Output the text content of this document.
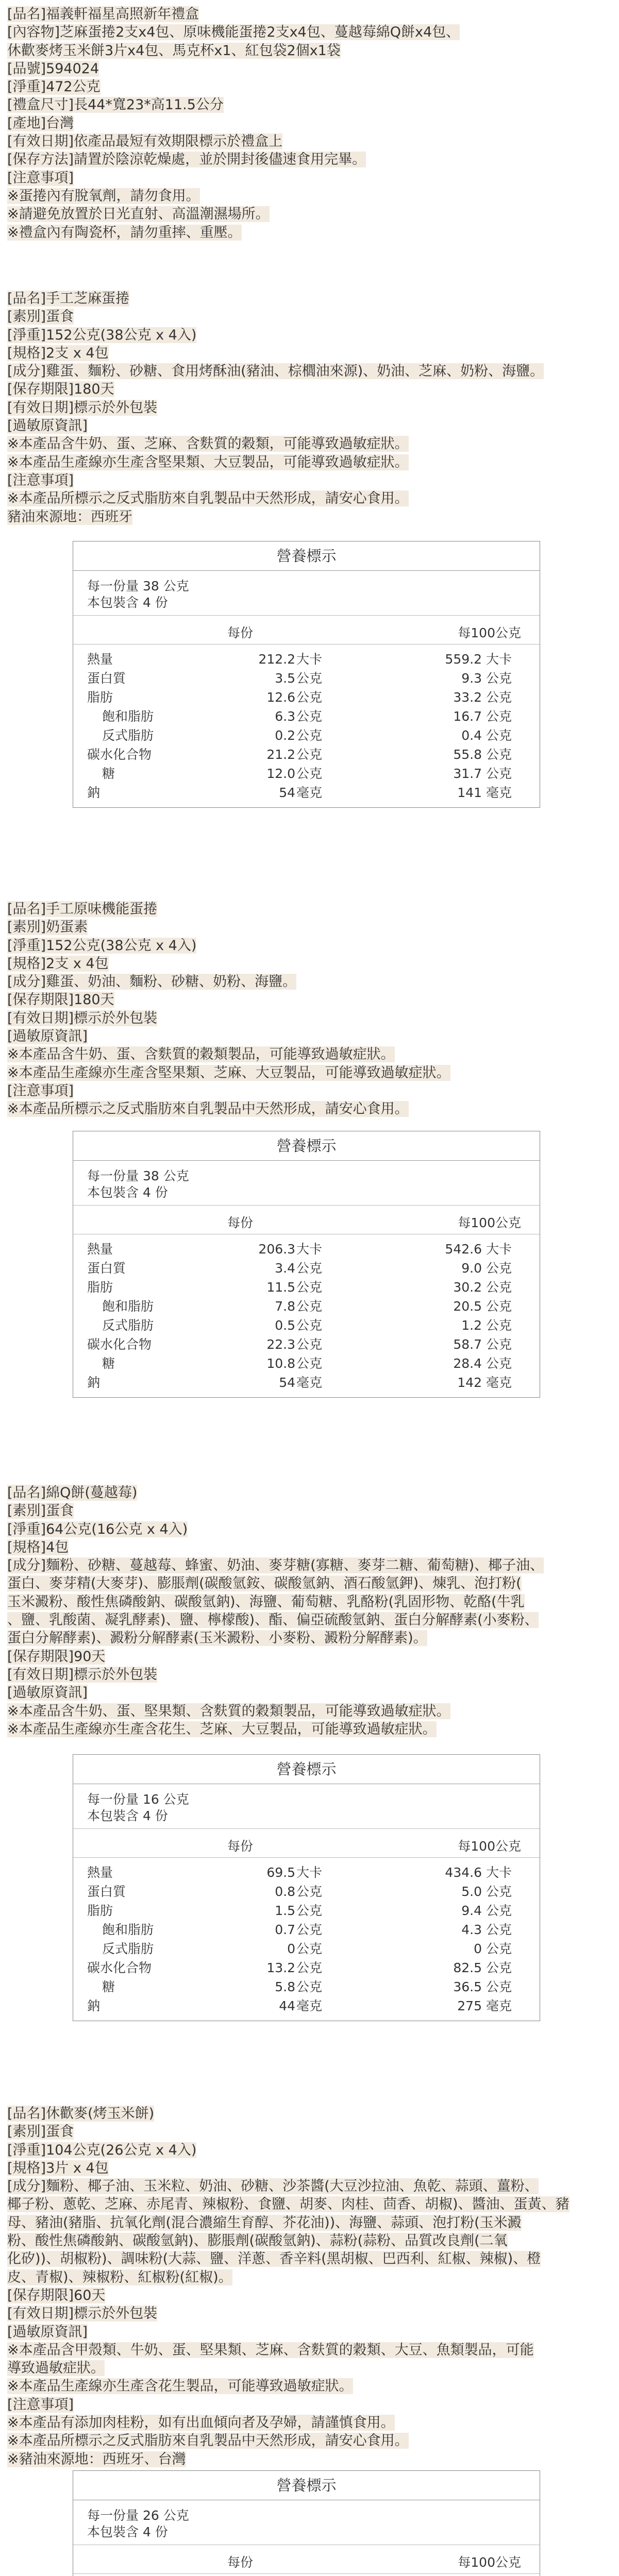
[品名]福義軒福星高照新年禮盒
[內容物]芝麻蛋捲2支x4包、原味機能蛋捲2支x4包、蔓越莓綿Q餅x4包、
休歡麥烤玉米餅3片x4包、馬克杯x1、紅包袋2個x1袋
[品號]594024
[淨重]472公克
[禮盒尺寸]長44*寬23*高11.5公分
[產地]台灣
[有效日期]依產品最短有效期限標示於禮盒上
[保存方法]請置於陰涼乾燥處，並於開封後儘速食用完畢。
[注意事項]
※蛋捲內有脫氧劑，請勿食用。
※請避免放置於日光直射、高溫潮濕場所。
※禮盒內有陶瓷杯，請勿重摔、重壓。
[品名]手工芝麻蛋捲
[素別]蛋食
[淨重]152公克(38公克 x 4入)
[規格]2支 x 4包
[成分]雞蛋、麵粉、砂糖、食用烤酥油(豬油、棕櫚油來源)、奶油、芝麻、奶粉、海鹽。
[保存期限]180天
[有效日期]標示於外包裝
[過敏原資訊]
※本產品含牛奶、蛋、芝麻、含麩質的穀類，可能導致過敏症狀。
※本產品生產線亦生產含堅果類、大豆製品，可能導致過敏症狀。
[注意事項]
※本產品所標示之反式脂肪來自乳製品中天然形成，請安心食用。
豬油來源地：西班牙
營養標示
每一份量 38 公克
本包裝含 4 份
每份	每100公克
熱量	212.2 大卡	559.2 大卡
蛋白質	3.5 公克	9.3 公克
脂肪	12.6 公克	33.2 公克
飽和脂肪	6.3 公克	16.7 公克
反式脂肪	0.2 公克	0.4 公克
碳水化合物	21.2 公克	55.8 公克
糖	12.0 公克	31.7 公克
鈉	54 毫克	141 毫克
[品名]手工原味機能蛋捲
[素別]奶蛋素
[淨重]152公克(38公克 x 4入)
[規格]2支 x 4包
[成分]雞蛋、奶油、麵粉、砂糖、奶粉、海鹽。
[保存期限]180天
[有效日期]標示於外包裝
[過敏原資訊]
※本產品含牛奶、蛋、含麩質的穀類製品，可能導致過敏症狀。
※本產品生產線亦生產含堅果類、芝麻、大豆製品，可能導致過敏症狀。
[注意事項]
※本產品所標示之反式脂肪來自乳製品中天然形成，請安心食用。
營養標示
每一份量 38 公克
本包裝含 4 份
每份	每100公克
熱量	206.3 大卡	542.6 大卡
蛋白質	3.4 公克	9.0 公克
脂肪	11.5 公克	30.2 公克
飽和脂肪	7.8 公克	20.5 公克
反式脂肪	0.5 公克	1.2 公克
碳水化合物	22.3 公克	58.7 公克
糖	10.8 公克	28.4 公克
鈉	54 毫克	142 毫克
[品名]綿Q餅(蔓越莓)
[素別]蛋食
[淨重]64公克(16公克 x 4入)
[規格]4包
[成分]麵粉、砂糖、蔓越莓、蜂蜜、奶油、麥芽糖(寡糖、麥芽二糖、葡萄糖)、椰子油、
蛋白、麥芽精(大麥芽)、膨脹劑(碳酸氫銨、碳酸氫鈉、酒石酸氫鉀)、煉乳、泡打粉(
玉米澱粉、酸性焦磷酸鈉、碳酸氫鈉)、海鹽、葡萄糖、乳酪粉(乳固形物、乾酪(牛乳
、鹽、乳酸菌、凝乳酵素)、鹽、檸檬酸)、酯、偏亞硫酸氫鈉、蛋白分解酵素(小麥粉、
蛋白分解酵素)、澱粉分解酵素(玉米澱粉、小麥粉、澱粉分解酵素)。
[保存期限]90天
[有效日期]標示於外包裝
[過敏原資訊]
※本產品含牛奶、蛋、堅果類、含麩質的穀類製品，可能導致過敏症狀。
※本產品生產線亦生產含花生、芝麻、大豆製品，可能導致過敏症狀。
營養標示
每一份量 16 公克
本包裝含 4 份
每份	每100公克
熱量	69.5 大卡	434.6 大卡
蛋白質	0.8 公克	5.0 公克
脂肪	1.5 公克	9.4 公克
飽和脂肪	0.7 公克	4.3 公克
反式脂肪	0 公克	0 公克
碳水化合物	13.2 公克	82.5 公克
糖	5.8 公克	36.5 公克
鈉	44 毫克	275 毫克
[品名]休歡麥(烤玉米餅)
[素別]蛋食
[淨重]104公克(26公克 x 4入)
[規格]3片 x 4包
[成分]麵粉、椰子油、玉米粒、奶油、砂糖、沙茶醬(大豆沙拉油、魚乾、蒜頭、薑粉、
椰子粉、蔥乾、芝麻、赤尾青、辣椒粉、食鹽、胡麥、肉桂、茴香、胡椒)、醬油、蛋黃、豬
母、豬油(豬脂、抗氧化劑(混合濃縮生育醇、芥花油))、海鹽、蒜頭、泡打粉(玉米澱
粉、酸性焦磷酸鈉、碳酸氫鈉)、膨脹劑(碳酸氫鈉)、蒜粉(蒜粉、品質改良劑(二氧
化矽))、胡椒粉)、調味粉(大蒜、鹽、洋蔥、香辛料(黑胡椒、巴西利、紅椒、辣椒)、橙
皮、青椒)、辣椒粉、紅椒粉(紅椒)。
[保存期限]60天
[有效日期]標示於外包裝
[過敏原資訊]
※本產品含甲殼類、牛奶、蛋、堅果類、芝麻、含麩質的穀類、大豆、魚類製品，可能
導致過敏症狀。
※本產品生產線亦生產含花生製品，可能導致過敏症狀。
[注意事項]
※本產品有添加肉桂粉，如有出血傾向者及孕婦，請謹慎食用。
※本產品所標示之反式脂肪來自乳製品中天然形成，請安心食用。
※豬油來源地：西班牙、台灣
營養標示
每一份量 26 公克
本包裝含 4 份
每份	每100公克
